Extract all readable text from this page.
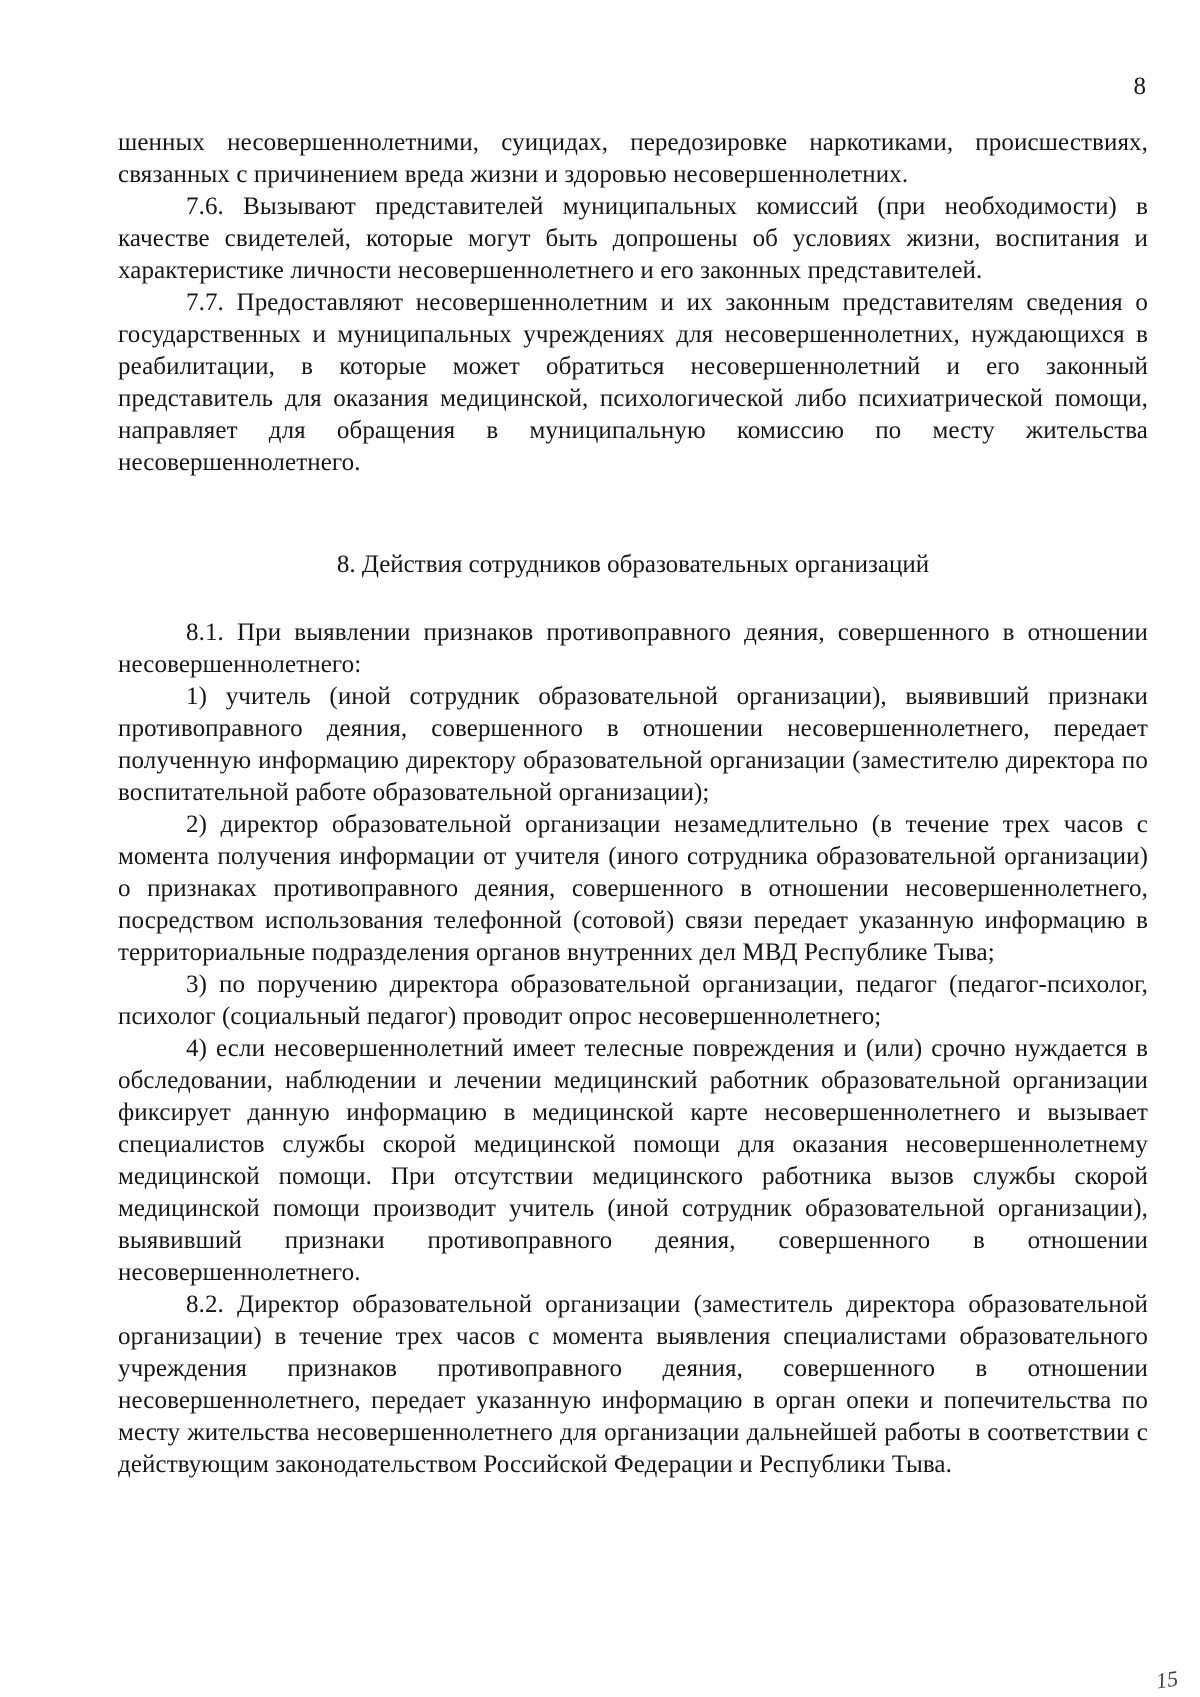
8

шенных несовершеннолетними, суицидах, передозировке наркотиками, происшествиях, связанных с причинением вреда жизни и здоровью несовершеннолетних.

7.6. Вызывают представителей муниципальных комиссий (при необходимости) в качестве свидетелей, которые могут быть допрошены об условиях жизни, воспитания и характеристике личности несовершеннолетнего и его законных представителей.

7.7. Предоставляют несовершеннолетним и их законным представителям сведения о государственных и муниципальных учреждениях для несовершеннолетних, нуждающихся в реабилитации, в которые может обратиться несовершеннолетний и его законный представитель для оказания медицинской, психологической либо психиатрической помощи, направляет для обращения в муниципальную комиссию по месту жительства несовершеннолетнего.

8. Действия сотрудников образовательных организаций

8.1. При выявлении признаков противоправного деяния, совершенного в отношении несовершеннолетнего:

1) учитель (иной сотрудник образовательной организации), выявивший признаки противоправного деяния, совершенного в отношении несовершеннолетнего, передает полученную информацию директору образовательной организации (заместителю директора по воспитательной работе образовательной организации);

2) директор образовательной организации незамедлительно (в течение трех часов с момента получения информации от учителя (иного сотрудника образовательной организации) о признаках противоправного деяния, совершенного в отношении несовершеннолетнего, посредством использования телефонной (сотовой) связи передает указанную информацию в территориальные подразделения органов внутренних дел МВД Республике Тыва;

3) по поручению директора образовательной организации, педагог (педагог-психолог, психолог (социальный педагог) проводит опрос несовершеннолетнего;

4) если несовершеннолетний имеет телесные повреждения и (или) срочно нуждается в обследовании, наблюдении и лечении медицинский работник образовательной организации фиксирует данную информацию в медицинской карте несовершеннолетнего и вызывает специалистов службы скорой медицинской помощи для оказания несовершеннолетнему медицинской помощи. При отсутствии медицинского работника вызов службы скорой медицинской помощи производит учитель (иной сотрудник образовательной организации), выявивший признаки противоправного деяния, совершенного в отношении несовершеннолетнего.

8.2. Директор образовательной организации (заместитель директора образовательной организации) в течение трех часов с момента выявления специалистами образовательного учреждения признаков противоправного деяния, совершенного в отношении несовершеннолетнего, передает указанную информацию в орган опеки и попечительства по месту жительства несовершеннолетнего для организации дальнейшей работы в соответствии с действующим законодательством Российской Федерации и Республики Тыва.

15
